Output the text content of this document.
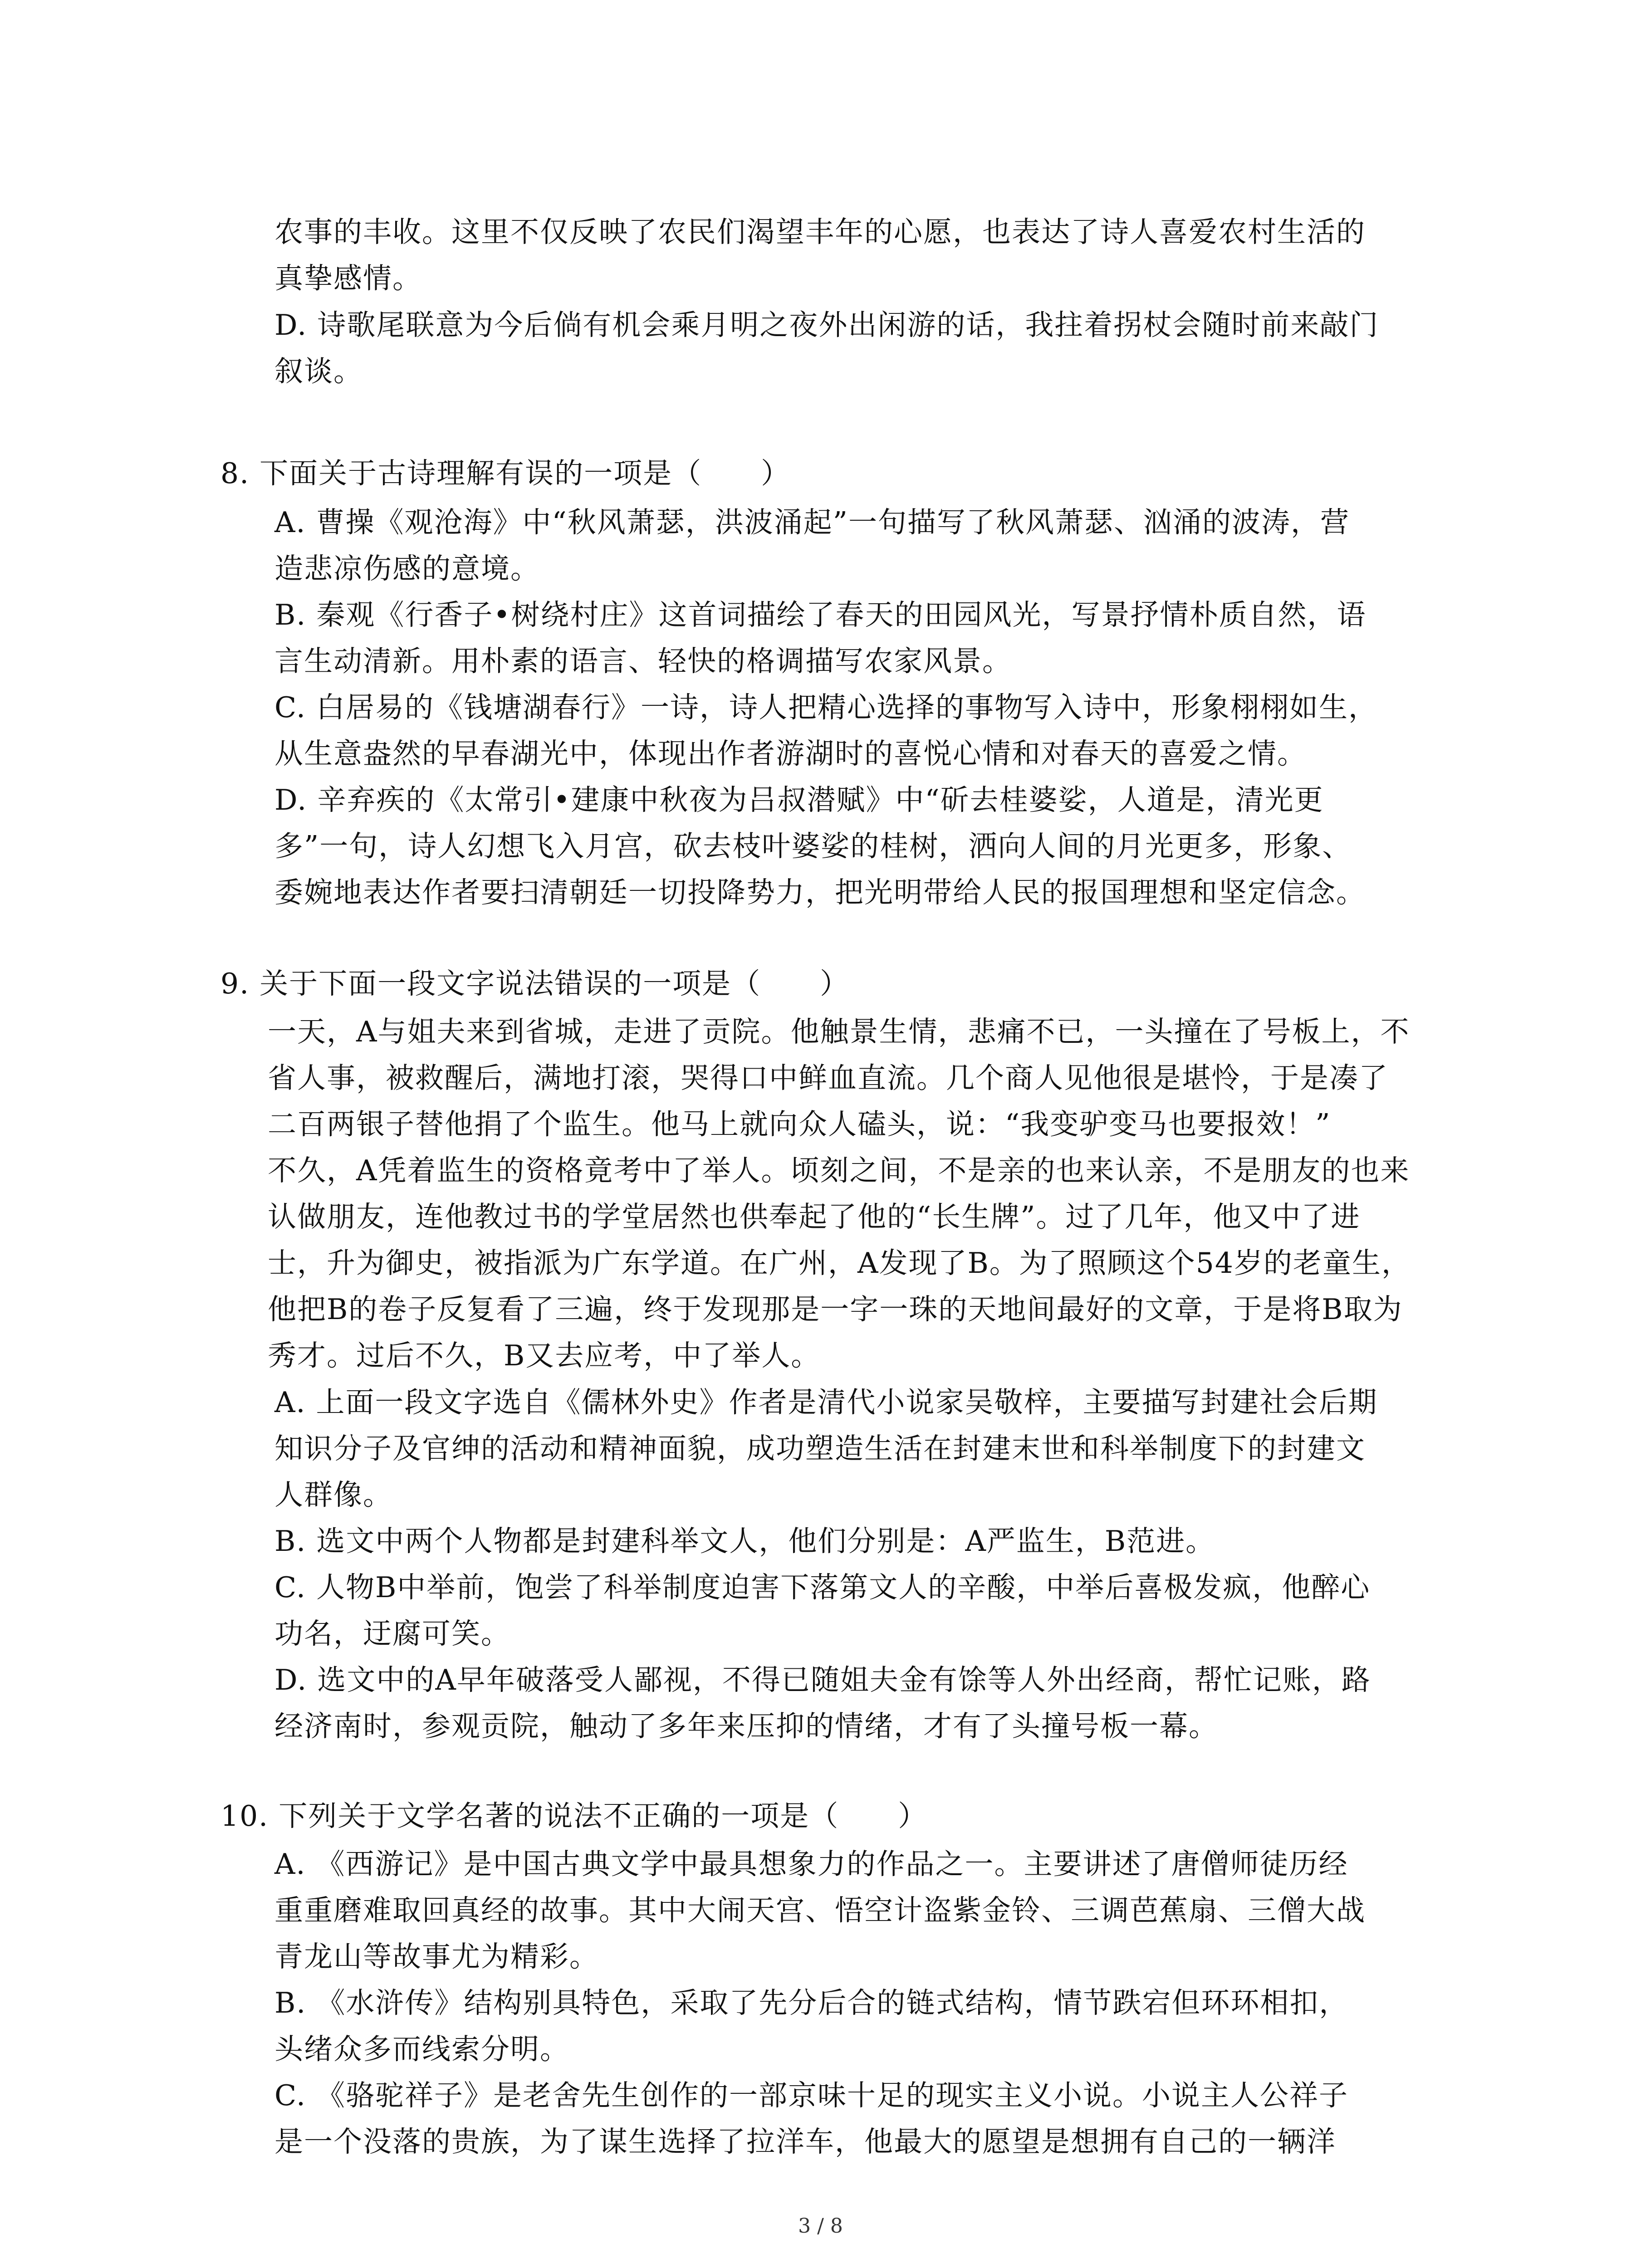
农事的丰收。这里不仅反映了农民们渴望丰年的心愿，也表达了诗人喜爱农村生活的
真挚感情。
D. 诗歌尾联意为今后倘有机会乘月明之夜外出闲游的话，我拄着拐杖会随时前来敲门
叙谈。
8. 下面关于古诗理解有误的一项是（　　）
A. 曹操《观沧海》中“秋风萧瑟，洪波涌起”一句描写了秋风萧瑟、汹涌的波涛，营
造悲凉伤感的意境。
B. 秦观《行香子•树绕村庄》这首词描绘了春天的田园风光，写景抒情朴质自然，语
言生动清新。用朴素的语言、轻快的格调描写农家风景。
C. 白居易的《钱塘湖春行》一诗，诗人把精心选择的事物写入诗中，形象栩栩如生，
从生意盎然的早春湖光中，体现出作者游湖时的喜悦心情和对春天的喜爱之情。
D. 辛弃疾的《太常引•建康中秋夜为吕叔潜赋》中“斫去桂婆娑，人道是，清光更
多”一句，诗人幻想飞入月宫，砍去枝叶婆娑的桂树，洒向人间的月光更多，形象、
委婉地表达作者要扫清朝廷一切投降势力，把光明带给人民的报国理想和坚定信念。
9. 关于下面一段文字说法错误的一项是（　　）
一天，A与姐夫来到省城，走进了贡院。他触景生情，悲痛不已，一头撞在了号板上，不
省人事，被救醒后，满地打滚，哭得口中鲜血直流。几个商人见他很是堪怜，于是凑了
二百两银子替他捐了个监生。他马上就向众人磕头，说：“我变驴变马也要报效！”
不久，A凭着监生的资格竟考中了举人。顷刻之间，不是亲的也来认亲，不是朋友的也来
认做朋友，连他教过书的学堂居然也供奉起了他的“长生牌”。过了几年，他又中了进
士，升为御史，被指派为广东学道。在广州，A发现了B。为了照顾这个54岁的老童生，
他把B的卷子反复看了三遍，终于发现那是一字一珠的天地间最好的文章，于是将B取为
秀才。过后不久，B又去应考，中了举人。
A. 上面一段文字选自《儒林外史》作者是清代小说家吴敬梓，主要描写封建社会后期
知识分子及官绅的活动和精神面貌，成功塑造生活在封建末世和科举制度下的封建文
人群像。
B. 选文中两个人物都是封建科举文人，他们分别是：A严监生，B范进。
C. 人物B中举前，饱尝了科举制度迫害下落第文人的辛酸，中举后喜极发疯，他醉心
功名，迂腐可笑。
D. 选文中的A早年破落受人鄙视，不得已随姐夫金有馀等人外出经商，帮忙记账，路
经济南时，参观贡院，触动了多年来压抑的情绪，才有了头撞号板一幕。
10. 下列关于文学名著的说法不正确的一项是（　　）
A. 《西游记》是中国古典文学中最具想象力的作品之一。主要讲述了唐僧师徒历经
重重磨难取回真经的故事。其中大闹天宫、悟空计盗紫金铃、三调芭蕉扇、三僧大战
青龙山等故事尤为精彩。
B. 《水浒传》结构别具特色，采取了先分后合的链式结构，情节跌宕但环环相扣，
头绪众多而线索分明。
C. 《骆驼祥子》是老舍先生创作的一部京味十足的现实主义小说。小说主人公祥子
是一个没落的贵族，为了谋生选择了拉洋车，他最大的愿望是想拥有自己的一辆洋
3 / 8
